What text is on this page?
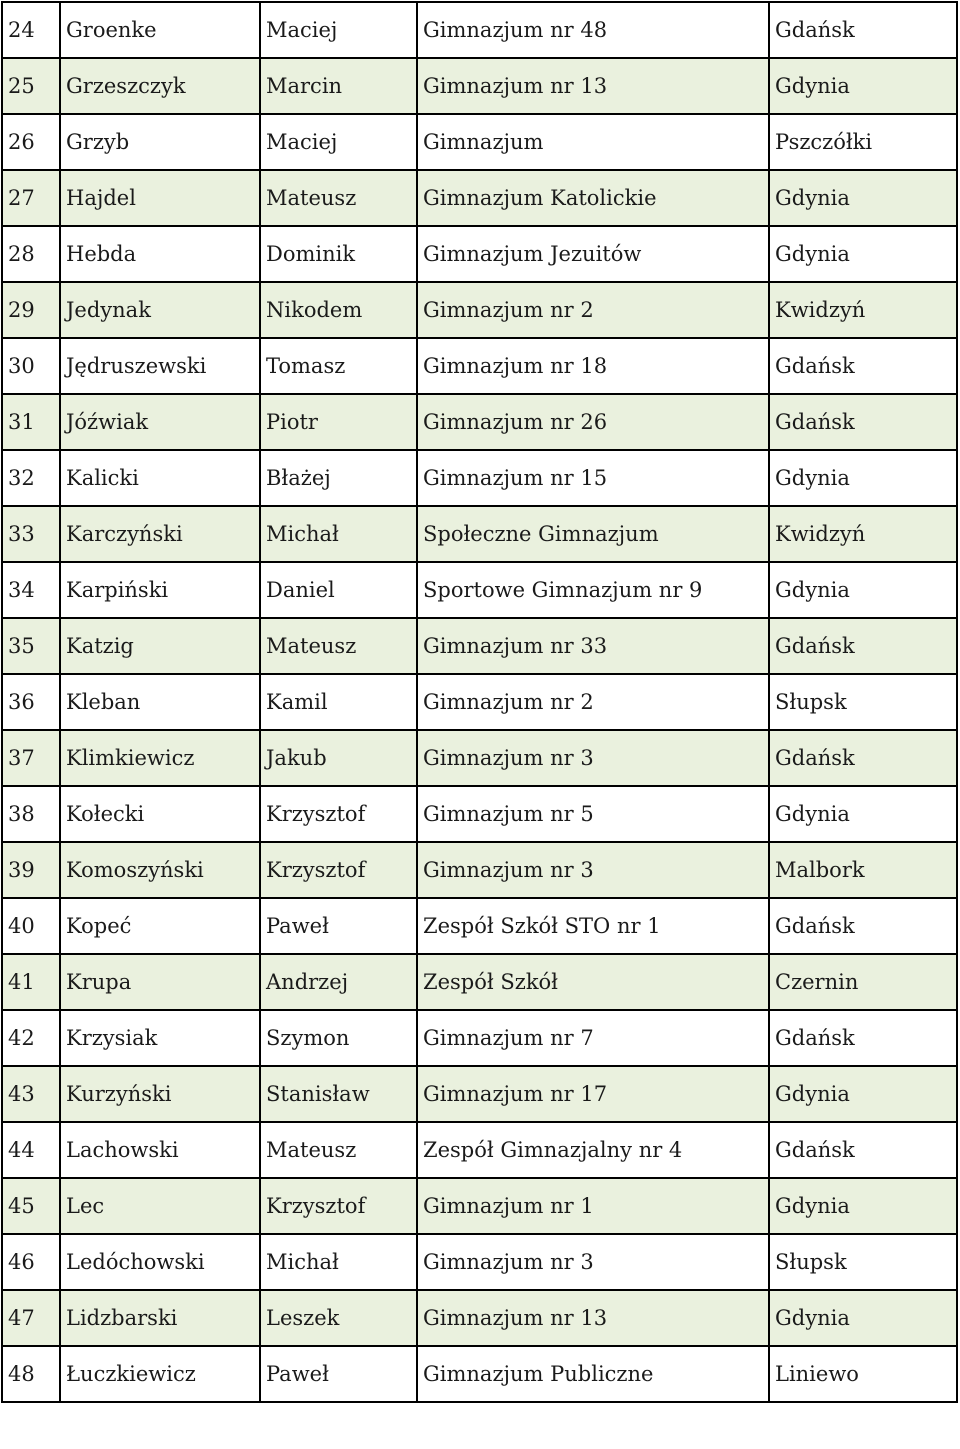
24	Groenke	Maciej	Gimnazjum nr 48	Gdańsk
25	Grzeszczyk	Marcin	Gimnazjum nr 13	Gdynia
26	Grzyb	Maciej	Gimnazjum	Pszczółki
27	Hajdel	Mateusz	Gimnazjum Katolickie	Gdynia
28	Hebda	Dominik	Gimnazjum Jezuitów	Gdynia
29	Jedynak	Nikodem	Gimnazjum nr 2	Kwidzyń
30	Jędruszewski	Tomasz	Gimnazjum nr 18	Gdańsk
31	Jóźwiak	Piotr	Gimnazjum nr 26	Gdańsk
32	Kalicki	Błażej	Gimnazjum nr 15	Gdynia
33	Karczyński	Michał	Społeczne Gimnazjum	Kwidzyń
34	Karpiński	Daniel	Sportowe Gimnazjum nr 9	Gdynia
35	Katzig	Mateusz	Gimnazjum nr 33	Gdańsk
36	Kleban	Kamil	Gimnazjum nr 2	Słupsk
37	Klimkiewicz	Jakub	Gimnazjum nr 3	Gdańsk
38	Kołecki	Krzysztof	Gimnazjum nr 5	Gdynia
39	Komoszyński	Krzysztof	Gimnazjum nr 3	Malbork
40	Kopeć	Paweł	Zespół Szkół STO nr 1	Gdańsk
41	Krupa	Andrzej	Zespół Szkół	Czernin
42	Krzysiak	Szymon	Gimnazjum nr 7	Gdańsk
43	Kurzyński	Stanisław	Gimnazjum nr 17	Gdynia
44	Lachowski	Mateusz	Zespół Gimnazjalny nr 4	Gdańsk
45	Lec	Krzysztof	Gimnazjum nr 1	Gdynia
46	Ledóchowski	Michał	Gimnazjum nr 3	Słupsk
47	Lidzbarski	Leszek	Gimnazjum nr 13	Gdynia
48	Łuczkiewicz	Paweł	Gimnazjum Publiczne	Liniewo
